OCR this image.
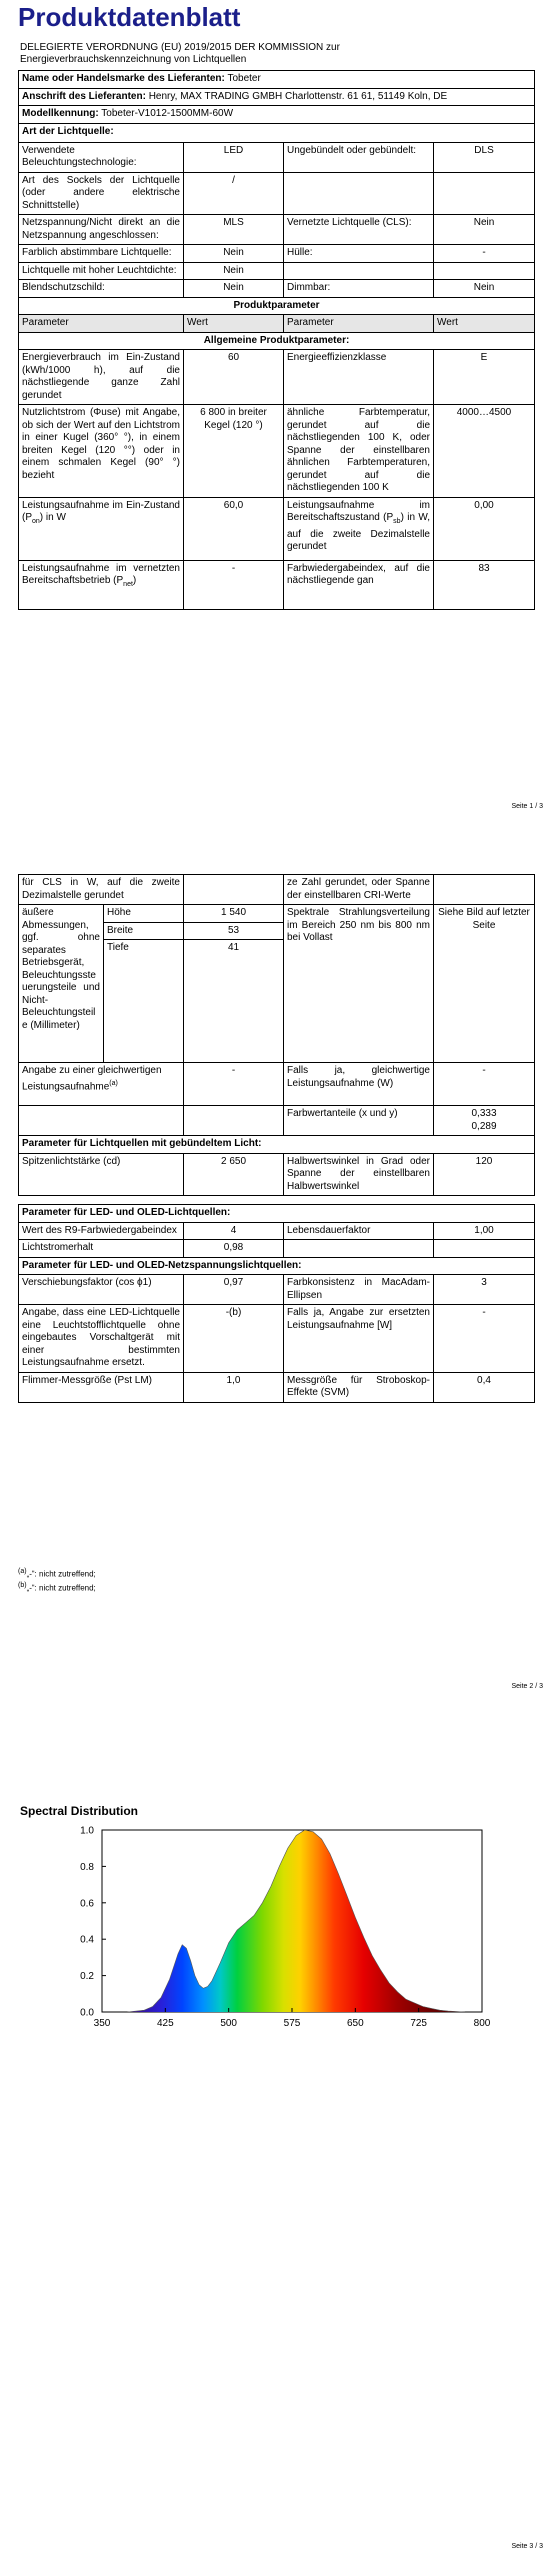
Produktdatenblatt
DELEGIERTE VERORDNUNG (EU) 2019/2015 DER KOMMISSION zur
Energieverbrauchskennzeichnung von Lichtquellen
Name oder Handelsmarke des Lieferanten: Tobeter			
Anschrift des Lieferanten: Henry, MAX TRADING GMBH Charlottenstr. 61 61, 51149 Koln, DE			
Modellkennung: Tobeter-V1012-1500MM-60W			
Art der Lichtquelle:			
Verwendete Beleuchtungstechnologie:	LED	Ungebündelt oder gebündelt:	DLS
Art des Sockels der Lichtquelle (oder andere elektrische Schnittstelle)	/		
Netzspannung/Nicht direkt an die Netzspannung angeschlossen:	MLS	Vernetzte Lichtquelle (CLS):	Nein
Farblich abstimmbare Lichtquelle:	Nein	Hülle:	-
Lichtquelle mit hoher Leuchtdichte:	Nein		
Blendschutzschild:	Nein	Dimmbar:	Nein
Produktparameter			
Parameter	Wert	Parameter	Wert
Allgemeine Produktparameter:			
Energieverbrauch im Ein-Zustand (kWh/1000 h), auf die nächstliegende ganze Zahl gerundet	60	Energieeffizienzklasse	E
Nutzlichtstrom (Φuse) mit Angabe, ob sich der Wert auf den Lichtstrom in einer Kugel (360° °), in einem breiten Kegel (120 °°) oder in einem schmalen Kegel (90° °) bezieht	6 800 in breiter Kegel (120 °)	ähnliche Farbtemperatur, gerundet auf die nächstliegenden 100 K, oder Spanne der einstellbaren ähnlichen Farbtemperaturen, gerundet auf die nächstliegenden 100 K	4000…4500
Leistungsaufnahme im Ein-Zustand $(P_{on})$ in W	60,0	Leistungsaufnahme im Bereitschaftszustand $(P_{sb})$ in W, auf die zweite Dezimalstelle gerundet	0,00
Leistungsaufnahme im vernetzten Bereitschaftsbetrieb $(P_{net})$	-	Farbwiedergabeindex, auf die nächstliegende gan	83
Seite 1 / 3
für CLS in W, auf die zweite Dezimalstelle gerundet			ze Zahl gerundet, oder Spanne der einstellbaren CRI-Werte	
äußere Abmessungen, ggf. ohne separates Betriebsgerät, Beleuchtungssteuerungsteile und Nicht-Beleuchtungsteile (Millimeter)	Höhe	1 540	Spektrale Strahlungsverteilung im Bereich 250 nm bis 800 nm bei Vollast	Siehe Bild auf letzter Seite
	Breite	53		
	Tiefe	41		
Angabe zu einer gleichwertigen Leistungsaufnahme$^{(a)}$		-	Falls ja, gleichwertige Leistungsaufnahme (W)	-
			Farbwertanteile (x und y)	0,333
0,289

Parameter für Lichtquellen mit gebündeltem Licht:				
Spitzenlichtstärke (cd)		2 650	Halbwertswinkel in Grad oder Spanne der einstellbaren Halbwertswinkel	120

Parameter für LED- und OLED-Lichtquellen:				
Wert des R9-Farbwiedergabeindex		4	Lebensdauerfaktor	1,00
Lichtstromerhalt		0,98		
Parameter für LED- und OLED-Netzspannungslichtquellen:				
Verschiebungsfaktor (cos ϕ1)		0,97	Farbkonsistenz in MacAdam-Ellipsen	3
Angabe, dass eine LED-Lichtquelle eine Leuchtstofflichtquelle ohne eingebautes Vorschaltgerät mit einer bestimmten Leistungsaufnahme ersetzt.		-(b)	Falls ja, Angabe zur ersetzten Leistungsaufnahme [W]	-
Flimmer-Messgröße (Pst LM)		1,0	Messgröße für Stroboskop-Effekte (SVM)	0,4
$^{(a)}$„-“: nicht zutreffend;
$^{(b)}$„-“: nicht zutreffend;
Seite 2 / 3
Spectral Distribution
350	425	500	575	650	725	800
0.0
0.2
0.4
0.6
0.8
1.0
Seite 3 / 3
